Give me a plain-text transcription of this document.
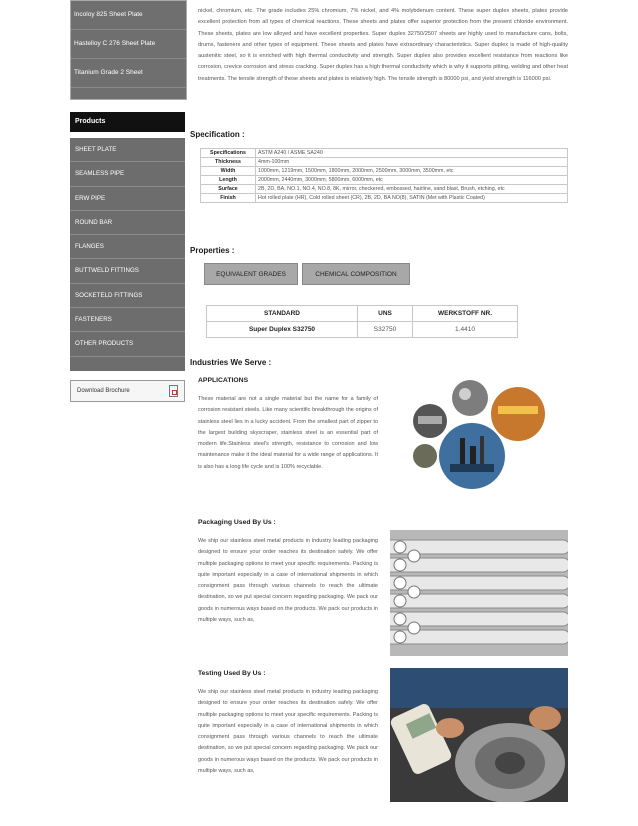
Incoloy 825 Sheet Plate
Hastelloy C 276 Sheet Plate
Titanium Grade 2 Sheet
Products
SHEET PLATE
SEAMLESS PIPE
ERW PIPE
ROUND BAR
FLANGES
BUTTWELD FITTINGS
SOCKETELD FITTINGS
FASTENERS
OTHER PRODUCTS
Download Brochure
nickel, chromium, etc. The grade includes 25% chromium, 7% nickel, and 4% molybdenum content. These super duplex sheets, plates provide excellent protection from all types of chemical reactions. These sheets and plates offer superior protection from the present chloride environment. These sheets, plates are low alloyed and have excellent properties. Super duplex 32750/2507 sheets are highly used to manufacture cans, bolts, drums, fasteners and other types of equipment. These sheets and plates have extraordinary characteristics. Super duplex is made of high-quality austenitic steel, so it is enriched with high thermal conductivity and strength. Super duplex also provides excellent resistance from reactions like corrosion, crevice corrosion and stress cracking. Super duplex has a high thermal conductivity which is why it supports pitting, welding and other heat treatments. The tensile strength of these sheets and plates is relatively high. The tensile strength is 80000 psi, and yield strength is 116000 psi.
Specification :
Specifications	ASTM A240 / ASME SA240
Thickness	4mm-100mm
Width	1000mm, 1219mm, 1500mm, 1800mm, 2000mm, 2500mm, 3000mm, 3500mm, etc
Length	2000mm, 2440mm, 3000mm, 5800mm, 6000mm, etc
Surface	2B, 2D, BA, NO.1, NO.4, NO.8, 8K, mirror, checkered, embossed, hairline, sand blast, Brush, etching, etc
Finish	Hot rolled plate (HR), Cold rolled sheet (CR), 2B, 2D, BA NO(8), SATIN (Met with Plastic Coated)
Properties :
EQUIVALENT GRADES	CHEMICAL COMPOSITION
STANDARD	UNS	WERKSTOFF NR.
Super Duplex S32750	S32750	1.4410
Industries We Serve :
APPLICATIONS
These material are not a single material but the name for a family of corrosion resistant steels. Like many scientific breakthrough the origins of stainless steel lies in a lucky accident. From the smallest part of zipper to the largest building skyscraper, stainless steel is an essential part of modern life.Stainless steel's strength, resistance to corrosion and low maintenance make it the ideal material for a wide range of applications. It is also has a long life cycle and is 100% recyclable.
Packaging Used By Us :
We ship our stainless steel metal products in industry leading packaging designed to ensure your order reaches its destination safely. We offer multiple packaging options to meet your specific requirements. Packing is quite important especially in a case of international shipments in which consignment pass through various channels to reach the ultimate destination, so we put special concern regarding packaging. We pack our goods in numerous ways based on the products. We pack our products in multiple ways, such as,
Testing Used By Us :
We ship our stainless steel metal products in industry leading packaging designed to ensure your order reaches its destination safely. We offer multiple packaging options to meet your specific requirements. Packing is quite important especially in a case of international shipments in which consignment pass through various channels to reach the ultimate destination, so we put special concern regarding packaging. We pack our goods in numerous ways based on the products. We pack our products in multiple ways, such as,
